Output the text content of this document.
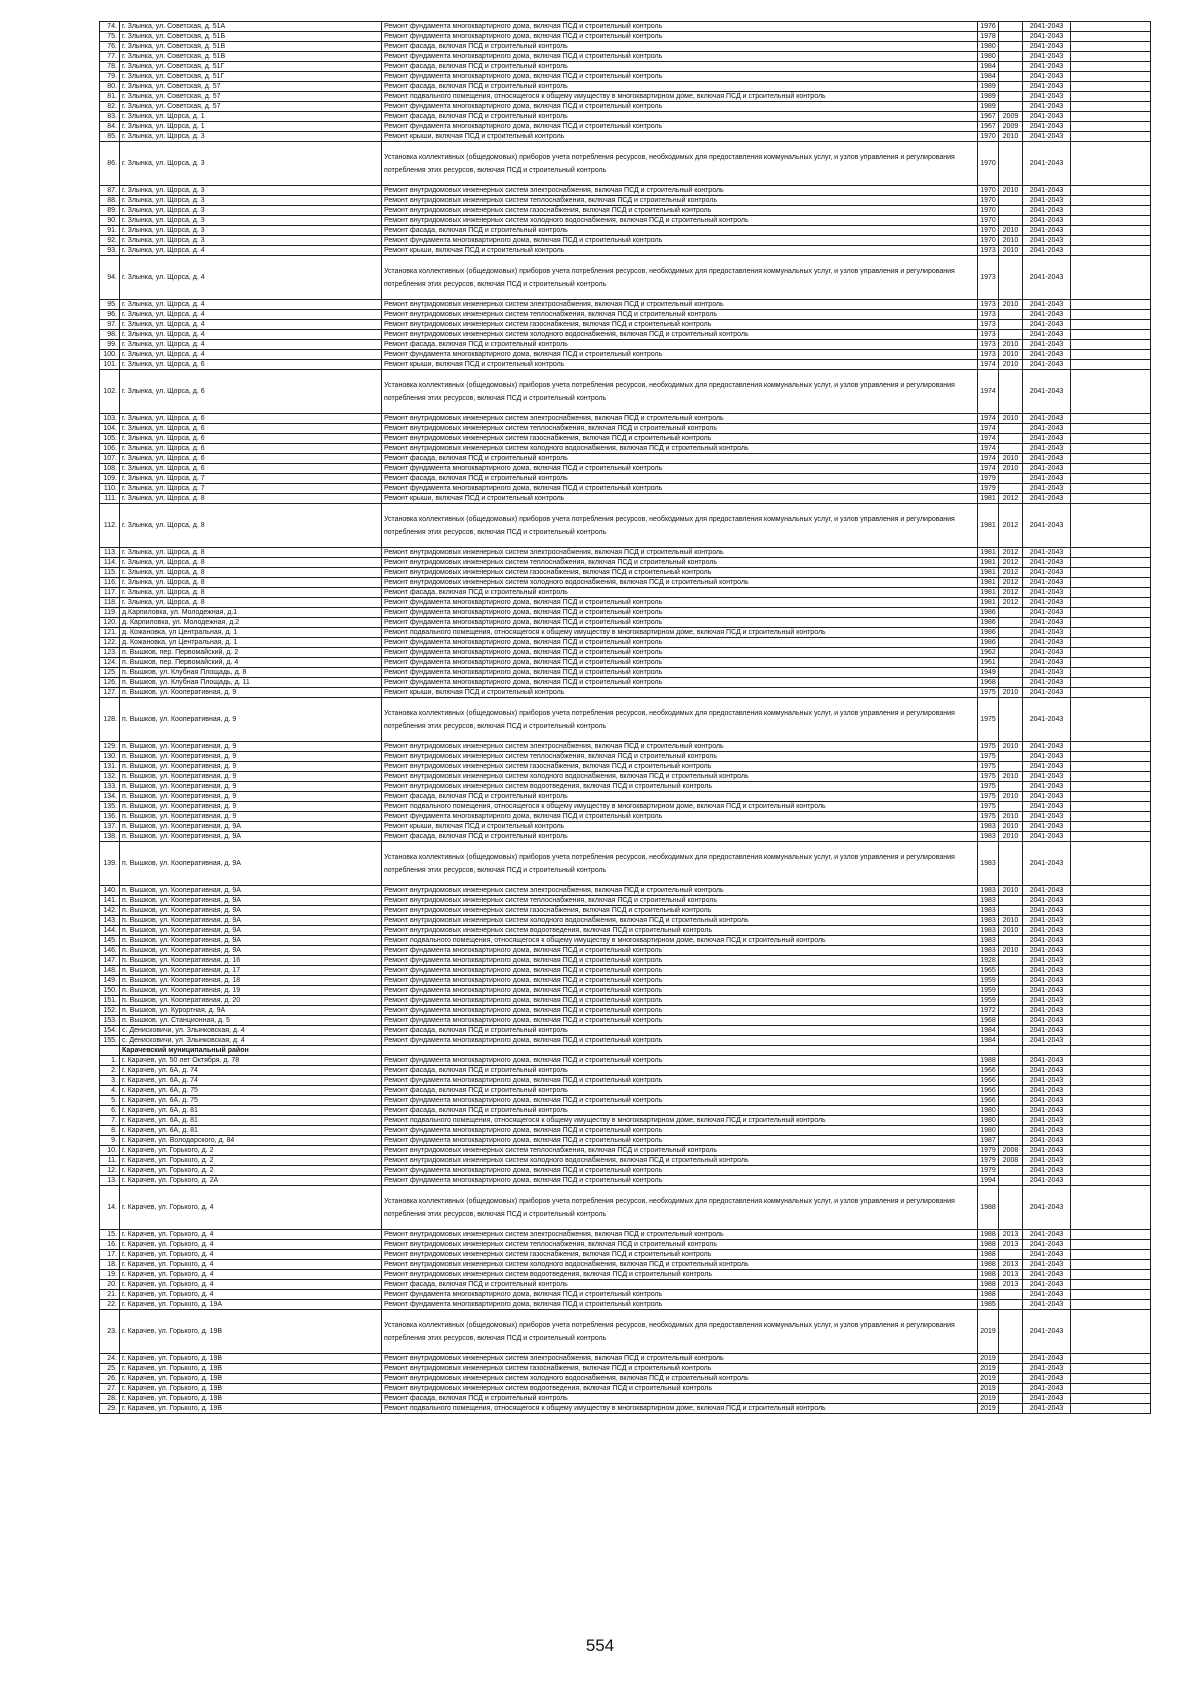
74.	г. Злынка, ул. Советская, д. 51А	Ремонт фундамента многоквартирного дома, включая ПСД и строительный контроль	1976		2041-2043	
75.	г. Злынка, ул. Советская, д. 51Б	Ремонт фундамента многоквартирного дома, включая ПСД и строительный контроль	1978		2041-2043	
76.	г. Злынка, ул. Советская, д. 51В	Ремонт фасада, включая ПСД и строительный контроль	1980		2041-2043	
77.	г. Злынка, ул. Советская, д. 51В	Ремонт фундамента многоквартирного дома, включая ПСД и строительный контроль	1980		2041-2043	
78.	г. Злынка, ул. Советская, д. 51Г	Ремонт фасада, включая ПСД и строительный контроль	1984		2041-2043	
79.	г. Злынка, ул. Советская, д. 51Г	Ремонт фундамента многоквартирного дома, включая ПСД и строительный контроль	1984		2041-2043	
80.	г. Злынка, ул. Советская, д. 57	Ремонт фасада, включая ПСД и строительный контроль	1989		2041-2043	
81.	г. Злынка, ул. Советская, д. 57	Ремонт подвального помещения, относящегося к общему имуществу в многоквартирном доме, включая ПСД и строительный контроль	1989		2041-2043	
82.	г. Злынка, ул. Советская, д. 57	Ремонт фундамента многоквартирного дома, включая ПСД и строительный контроль	1989		2041-2043	
83.	г. Злынка, ул. Щорса, д. 1	Ремонт фасада, включая ПСД и строительный контроль	1967	2009	2041-2043	
84.	г. Злынка, ул. Щорса, д. 1	Ремонт фундамента многоквартирного дома, включая ПСД и строительный контроль	1967	2009	2041-2043	
85.	г. Злынка, ул. Щорса, д. 3	Ремонт крыши, включая ПСД и строительный контроль	1970	2010	2041-2043	
86.	г. Злынка, ул. Щорса, д. 3	Установка коллективных (общедомовых) приборов учета потребления ресурсов, необходимых для предоставления коммунальных услуг, и узлов управления и регулирования потребления этих ресурсов, включая ПСД и строительный контроль	1970		2041-2043	
87.	г. Злынка, ул. Щорса, д. 3	Ремонт внутридомовых инженерных систем электроснабжения, включая ПСД и строительный контроль	1970	2010	2041-2043	
88.	г. Злынка, ул. Щорса, д. 3	Ремонт внутридомовых инженерных систем теплоснабжения, включая ПСД и строительный контроль	1970		2041-2043	
89.	г. Злынка, ул. Щорса, д. 3	Ремонт внутридомовых инженерных систем газоснабжения, включая ПСД и строительный контроль	1970		2041-2043	
90.	г. Злынка, ул. Щорса, д. 3	Ремонт внутридомовых инженерных систем холодного водоснабжения, включая ПСД и строительный контроль	1970		2041-2043	
91.	г. Злынка, ул. Щорса, д. 3	Ремонт фасада, включая ПСД и строительный контроль	1970	2010	2041-2043	
92.	г. Злынка, ул. Щорса, д. 3	Ремонт фундамента многоквартирного дома, включая ПСД и строительный контроль	1970	2010	2041-2043	
93.	г. Злынка, ул. Щорса, д. 4	Ремонт крыши, включая ПСД и строительный контроль	1973	2010	2041-2043	
94.	г. Злынка, ул. Щорса, д. 4	Установка коллективных (общедомовых) приборов учета потребления ресурсов, необходимых для предоставления коммунальных услуг, и узлов управления и регулирования потребления этих ресурсов, включая ПСД и строительный контроль	1973		2041-2043	
95.	г. Злынка, ул. Щорса, д. 4	Ремонт внутридомовых инженерных систем электроснабжения, включая ПСД и строительный контроль	1973	2010	2041-2043	
96.	г. Злынка, ул. Щорса, д. 4	Ремонт внутридомовых инженерных систем теплоснабжения, включая ПСД и строительный контроль	1973		2041-2043	
97.	г. Злынка, ул. Щорса, д. 4	Ремонт внутридомовых инженерных систем газоснабжения, включая ПСД и строительный контроль	1973		2041-2043	
98.	г. Злынка, ул. Щорса, д. 4	Ремонт внутридомовых инженерных систем холодного водоснабжения, включая ПСД и строительный контроль	1973		2041-2043	
99.	г. Злынка, ул. Щорса, д. 4	Ремонт фасада, включая ПСД и строительный контроль	1973	2010	2041-2043	
100.	г. Злынка, ул. Щорса, д. 4	Ремонт фундамента многоквартирного дома, включая ПСД и строительный контроль	1973	2010	2041-2043	
101.	г. Злынка, ул. Щорса, д. 6	Ремонт крыши, включая ПСД и строительный контроль	1974	2010	2041-2043	
102.	г. Злынка, ул. Щорса, д. 6	Установка коллективных (общедомовых) приборов учета потребления ресурсов, необходимых для предоставления коммунальных услуг, и узлов управления и регулирования потребления этих ресурсов, включая ПСД и строительный контроль	1974		2041-2043	
103.	г. Злынка, ул. Щорса, д. 6	Ремонт внутридомовых инженерных систем электроснабжения, включая ПСД и строительный контроль	1974	2010	2041-2043	
104.	г. Злынка, ул. Щорса, д. 6	Ремонт внутридомовых инженерных систем теплоснабжения, включая ПСД и строительный контроль	1974		2041-2043	
105.	г. Злынка, ул. Щорса, д. 6	Ремонт внутридомовых инженерных систем газоснабжения, включая ПСД и строительный контроль	1974		2041-2043	
106.	г. Злынка, ул. Щорса, д. 6	Ремонт внутридомовых инженерных систем холодного водоснабжения, включая ПСД и строительный контроль	1974		2041-2043	
107.	г. Злынка, ул. Щорса, д. 6	Ремонт фасада, включая ПСД и строительный контроль	1974	2010	2041-2043	
108.	г. Злынка, ул. Щорса, д. 6	Ремонт фундамента многоквартирного дома, включая ПСД и строительный контроль	1974	2010	2041-2043	
109.	г. Злынка, ул. Щорса, д. 7	Ремонт фасада, включая ПСД и строительный контроль	1979		2041-2043	
110.	г. Злынка, ул. Щорса, д. 7	Ремонт фундамента многоквартирного дома, включая ПСД и строительный контроль	1979		2041-2043	
111.	г. Злынка, ул. Щорса, д. 8	Ремонт крыши, включая ПСД и строительный контроль	1981	2012	2041-2043	
112.	г. Злынка, ул. Щорса, д. 8	Установка коллективных (общедомовых) приборов учета потребления ресурсов, необходимых для предоставления коммунальных услуг, и узлов управления и регулирования потребления этих ресурсов, включая ПСД и строительный контроль	1981	2012	2041-2043	
113.	г. Злынка, ул. Щорса, д. 8	Ремонт внутридомовых инженерных систем электроснабжения, включая ПСД и строительный контроль	1981	2012	2041-2043	
114.	г. Злынка, ул. Щорса, д. 8	Ремонт внутридомовых инженерных систем теплоснабжения, включая ПСД и строительный контроль	1981	2012	2041-2043	
115.	г. Злынка, ул. Щорса, д. 8	Ремонт внутридомовых инженерных систем газоснабжения, включая ПСД и строительный контроль	1981	2012	2041-2043	
116.	г. Злынка, ул. Щорса, д. 8	Ремонт внутридомовых инженерных систем холодного водоснабжения, включая ПСД и строительный контроль	1981	2012	2041-2043	
117.	г. Злынка, ул. Щорса, д. 8	Ремонт фасада, включая ПСД и строительный контроль	1981	2012	2041-2043	
118.	г. Злынка, ул. Щорса, д. 8	Ремонт фундамента многоквартирного дома, включая ПСД и строительный контроль	1981	2012	2041-2043	
119.	д.Карпиловка, ул. Молодежная, д.1	Ремонт фундамента многоквартирного дома, включая ПСД и строительный контроль	1986		2041-2043	
120.	д. Карпиловка, ул. Молодежная, д.2	Ремонт фундамента многоквартирного дома, включая ПСД и строительный контроль	1986		2041-2043	
121.	д. Кожановка, ул Центральная, д. 1	Ремонт подвального помещения, относящегося к общему имуществу в многоквартирном доме, включая ПСД и строительный контроль	1986		2041-2043	
122.	д. Кожановка, ул Центральная, д. 1	Ремонт фундамента многоквартирного дома, включая ПСД и строительный контроль	1986		2041-2043	
123.	п. Вышков, пер. Первомайский, д. 2	Ремонт фундамента многоквартирного дома, включая ПСД и строительный контроль	1962		2041-2043	
124.	п. Вышков, пер. Первомайский, д. 4	Ремонт фундамента многоквартирного дома, включая ПСД и строительный контроль	1961		2041-2043	
125.	п. Вышков, ул. Клубная Площадь, д. 8	Ремонт фундамента многоквартирного дома, включая ПСД и строительный контроль	1949		2041-2043	
126.	п. Вышков, ул. Клубная Площадь, д. 11	Ремонт фундамента многоквартирного дома, включая ПСД и строительный контроль	1968		2041-2043	
127.	п. Вышков, ул. Кооперативная, д. 9	Ремонт крыши, включая ПСД и строительный контроль	1975	2010	2041-2043	
128.	п. Вышков, ул. Кооперативная, д. 9	Установка коллективных (общедомовых) приборов учета потребления ресурсов, необходимых для предоставления коммунальных услуг, и узлов управления и регулирования потребления этих ресурсов, включая ПСД и строительный контроль	1975		2041-2043	
129.	п. Вышков, ул. Кооперативная, д. 9	Ремонт внутридомовых инженерных систем электроснабжения, включая ПСД и строительный контроль	1975	2010	2041-2043	
130.	п. Вышков, ул. Кооперативная, д. 9	Ремонт внутридомовых инженерных систем теплоснабжения, включая ПСД и строительный контроль	1975		2041-2043	
131.	п. Вышков, ул. Кооперативная, д. 9	Ремонт внутридомовых инженерных систем газоснабжения, включая ПСД и строительный контроль	1975		2041-2043	
132.	п. Вышков, ул. Кооперативная, д. 9	Ремонт внутридомовых инженерных систем холодного водоснабжения, включая ПСД и строительный контроль	1975	2010	2041-2043	
133.	п. Вышков, ул. Кооперативная, д. 9	Ремонт внутридомовых инженерных систем водоотведения, включая ПСД и строительный контроль	1975		2041-2043	
134.	п. Вышков, ул. Кооперативная, д. 9	Ремонт фасада, включая ПСД и строительный контроль	1975	2010	2041-2043	
135.	п. Вышков, ул. Кооперативная, д. 9	Ремонт подвального помещения, относящегося к общему имуществу в многоквартирном доме, включая ПСД и строительный контроль	1975		2041-2043	
136.	п. Вышков, ул. Кооперативная, д. 9	Ремонт фундамента многоквартирного дома, включая ПСД и строительный контроль	1975	2010	2041-2043	
137.	п. Вышков, ул. Кооперативная, д. 9А	Ремонт крыши, включая ПСД и строительный контроль	1983	2010	2041-2043	
138.	п. Вышков, ул. Кооперативная, д. 9А	Ремонт фасада, включая ПСД и строительный контроль	1983	2010	2041-2043	
139.	п. Вышков, ул. Кооперативная, д. 9А	Установка коллективных (общедомовых) приборов учета потребления ресурсов, необходимых для предоставления коммунальных услуг, и узлов управления и регулирования потребления этих ресурсов, включая ПСД и строительный контроль	1983		2041-2043	
140.	п. Вышков, ул. Кооперативная, д. 9А	Ремонт внутридомовых инженерных систем электроснабжения, включая ПСД и строительный контроль	1983	2010	2041-2043	
141.	п. Вышков, ул. Кооперативная, д. 9А	Ремонт внутридомовых инженерных систем теплоснабжения, включая ПСД и строительный контроль	1983		2041-2043	
142.	п. Вышков, ул. Кооперативная, д. 9А	Ремонт внутридомовых инженерных систем газоснабжения, включая ПСД и строительный контроль	1983		2041-2043	
143.	п. Вышков, ул. Кооперативная, д. 9А	Ремонт внутридомовых инженерных систем холодного водоснабжения, включая ПСД и строительный контроль	1983	2010	2041-2043	
144.	п. Вышков, ул. Кооперативная, д. 9А	Ремонт внутридомовых инженерных систем водоотведения, включая ПСД и строительный контроль	1983	2010	2041-2043	
145.	п. Вышков, ул. Кооперативная, д. 9А	Ремонт подвального помещения, относящегося к общему имуществу в многоквартирном доме, включая ПСД и строительный контроль	1983		2041-2043	
146.	п. Вышков, ул. Кооперативная, д. 9А	Ремонт фундамента многоквартирного дома, включая ПСД и строительный контроль	1983	2010	2041-2043	
147.	п. Вышков, ул. Кооперативная, д. 16	Ремонт фундамента многоквартирного дома, включая ПСД и строительный контроль	1928		2041-2043	
148.	п. Вышков, ул. Кооперативная, д. 17	Ремонт фундамента многоквартирного дома, включая ПСД и строительный контроль	1965		2041-2043	
149.	п. Вышков, ул. Кооперативная, д. 18	Ремонт фундамента многоквартирного дома, включая ПСД и строительный контроль	1959		2041-2043	
150.	п. Вышков, ул. Кооперативная, д. 19	Ремонт фундамента многоквартирного дома, включая ПСД и строительный контроль	1959		2041-2043	
151.	п. Вышков, ул. Кооперативная, д. 20	Ремонт фундамента многоквартирного дома, включая ПСД и строительный контроль	1959		2041-2043	
152.	п. Вышков, ул. Курортная, д. 9А	Ремонт фундамента многоквартирного дома, включая ПСД и строительный контроль	1972		2041-2043	
153.	п. Вышков, ул. Станционная, д. 5	Ремонт фундамента многоквартирного дома, включая ПСД и строительный контроль	1968		2041-2043	
154.	с. Денисковичи, ул. Злынковская, д. 4	Ремонт фасада, включая ПСД и строительный контроль	1984		2041-2043	
155.	с. Денисковичи, ул. Злынковская, д. 4	Ремонт фундамента многоквартирного дома, включая ПСД и строительный контроль	1984		2041-2043	
	Карачевский муниципальный район					
1.	г. Карачев, ул. 50 лет Октября, д. 78	Ремонт фундамента многоквартирного дома, включая ПСД и строительный контроль	1988		2041-2043	
2.	г. Карачев, ул. 6А, д. 74	Ремонт фасада, включая ПСД и строительный контроль	1966		2041-2043	
3.	г. Карачев, ул. 6А, д. 74	Ремонт фундамента многоквартирного дома, включая ПСД и строительный контроль	1966		2041-2043	
4.	г. Карачев, ул. 6А, д. 75	Ремонт фасада, включая ПСД и строительный контроль	1966		2041-2043	
5.	г. Карачев, ул. 6А, д. 75	Ремонт фундамента многоквартирного дома, включая ПСД и строительный контроль	1966		2041-2043	
6.	г. Карачев, ул. 6А, д. 81	Ремонт фасада, включая ПСД и строительный контроль	1980		2041-2043	
7.	г. Карачев, ул. 6А, д. 81	Ремонт подвального помещения, относящегося к общему имуществу в многоквартирном доме, включая ПСД и строительный контроль	1980		2041-2043	
8.	г. Карачев, ул. 6А, д. 81	Ремонт фундамента многоквартирного дома, включая ПСД и строительный контроль	1980		2041-2043	
9.	г. Карачев, ул. Володарского, д. 84	Ремонт фундамента многоквартирного дома, включая ПСД и строительный контроль	1987		2041-2043	
10.	г. Карачев, ул. Горького, д. 2	Ремонт внутридомовых инженерных систем теплоснабжения, включая ПСД и строительный контроль	1979	2008	2041-2043	
11.	г. Карачев, ул. Горького, д. 2	Ремонт внутридомовых инженерных систем холодного водоснабжения, включая ПСД и строительный контроль	1979	2008	2041-2043	
12.	г. Карачев, ул. Горького, д. 2	Ремонт фундамента многоквартирного дома, включая ПСД и строительный контроль	1979		2041-2043	
13.	г. Карачев, ул. Горького, д. 2А	Ремонт фундамента многоквартирного дома, включая ПСД и строительный контроль	1994		2041-2043	
14.	г. Карачев, ул. Горького, д. 4	Установка коллективных (общедомовых) приборов учета потребления ресурсов, необходимых для предоставления коммунальных услуг, и узлов управления и регулирования потребления этих ресурсов, включая ПСД и строительный контроль	1988		2041-2043	
15.	г. Карачев, ул. Горького, д. 4	Ремонт внутридомовых инженерных систем электроснабжения, включая ПСД и строительный контроль	1988	2013	2041-2043	
16.	г. Карачев, ул. Горького, д. 4	Ремонт внутридомовых инженерных систем теплоснабжения, включая ПСД и строительный контроль	1988	2013	2041-2043	
17.	г. Карачев, ул. Горького, д. 4	Ремонт внутридомовых инженерных систем газоснабжения, включая ПСД и строительный контроль	1988		2041-2043	
18.	г. Карачев, ул. Горького, д. 4	Ремонт внутридомовых инженерных систем холодного водоснабжения, включая ПСД и строительный контроль	1988	2013	2041-2043	
19.	г. Карачев, ул. Горького, д. 4	Ремонт внутридомовых инженерных систем водоотведения, включая ПСД и строительный контроль	1988	2013	2041-2043	
20.	г. Карачев, ул. Горького, д. 4	Ремонт фасада, включая ПСД и строительный контроль	1988	2013	2041-2043	
21.	г. Карачев, ул. Горького, д. 4	Ремонт фундамента многоквартирного дома, включая ПСД и строительный контроль	1988		2041-2043	
22.	г. Карачев, ул. Горького, д. 19А	Ремонт фундамента многоквартирного дома, включая ПСД и строительный контроль	1985		2041-2043	
23.	г. Карачев, ул. Горького, д. 19В	Установка коллективных (общедомовых) приборов учета потребления ресурсов, необходимых для предоставления коммунальных услуг, и узлов управления и регулирования потребления этих ресурсов, включая ПСД и строительный контроль	2019		2041-2043	
24.	г. Карачев, ул. Горького, д. 19В	Ремонт внутридомовых инженерных систем электроснабжения, включая ПСД и строительный контроль	2019		2041-2043	
25.	г. Карачев, ул. Горького, д. 19В	Ремонт внутридомовых инженерных систем газоснабжения, включая ПСД и строительный контроль	2019		2041-2043	
26.	г. Карачев, ул. Горького, д. 19В	Ремонт внутридомовых инженерных систем холодного водоснабжения, включая ПСД и строительный контроль	2019		2041-2043	
27.	г. Карачев, ул. Горького, д. 19В	Ремонт внутридомовых инженерных систем водоотведения, включая ПСД и строительный контроль	2019		2041-2043	
28.	г. Карачев, ул. Горького, д. 19В	Ремонт фасада, включая ПСД и строительный контроль	2019		2041-2043	
29.	г. Карачев, ул. Горького, д. 19В	Ремонт подвального помещения, относящегося к общему имуществу в многоквартирном доме, включая ПСД и строительный контроль	2019		2041-2043	
554
